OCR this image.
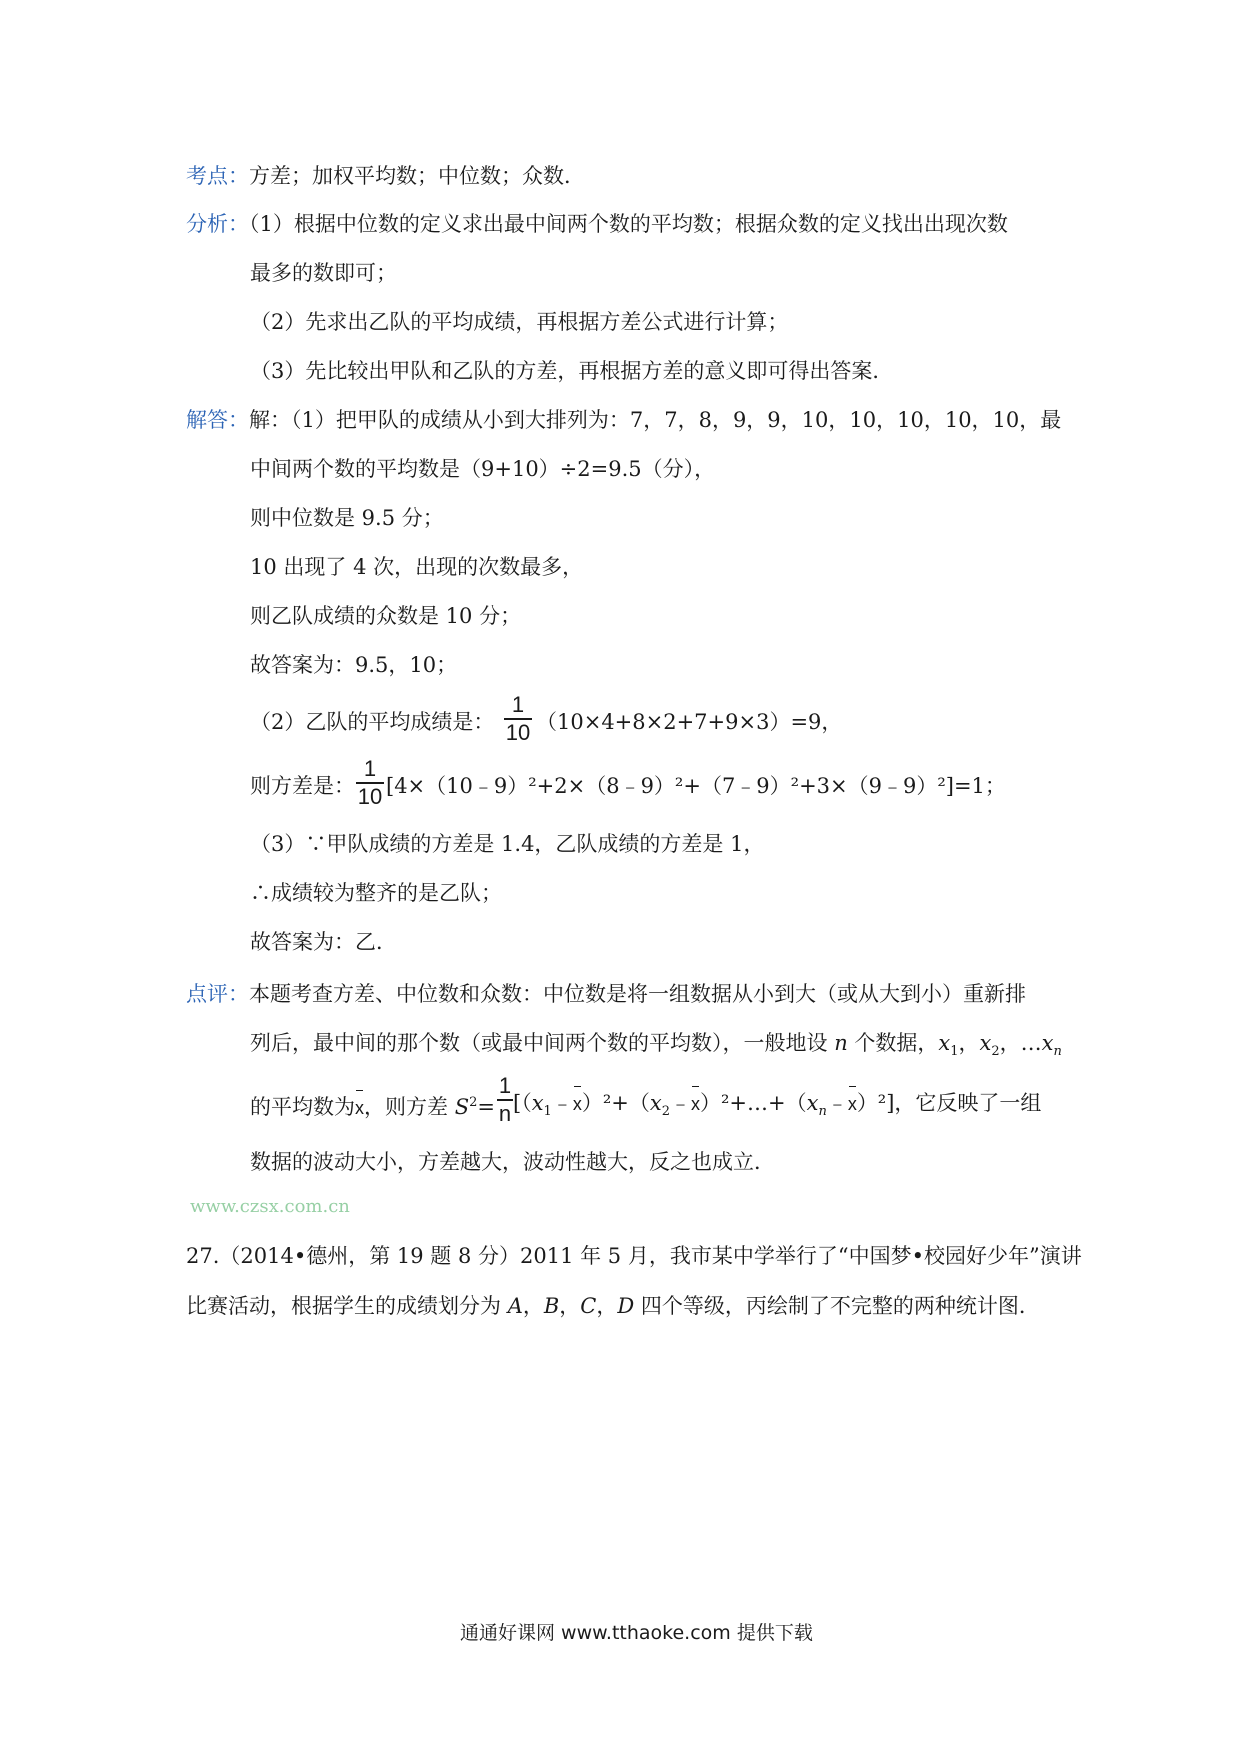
考点：方差；加权平均数；中位数；众数．
分析：（1）根据中位数的定义求出最中间两个数的平均数；根据众数的定义找出出现次数
最多的数即可；
（2）先求出乙队的平均成绩，再根据方差公式进行计算；
（3）先比较出甲队和乙队的方差，再根据方差的意义即可得出答案．
解答：解：（1）把甲队的成绩从小到大排列为：7，7，8，9，9，10，10，10，10，10，最
中间两个数的平均数是（9+10）÷2=9.5（分），
则中位数是 9.5 分；
10 出现了 4 次，出现的次数最多，
则乙队成绩的众数是 10 分；
故答案为：9.5，10；
（2）乙队的平均成绩是：
1
10 （10×4+8×2+7+9×3）=9，
则方差是：
1
10 [4×（10﹣9）²+2×（8﹣9）²+（7﹣9）²+3×（9﹣9）²]=1；
（3）∵甲队成绩的方差是 1.4，乙队成绩的方差是 1，
∴成绩较为整齐的是乙队；
故答案为：乙．
点评：本题考查方差、中位数和众数：中位数是将一组数据从小到大（或从大到小）重新排
列后，最中间的那个数（或最中间两个数的平均数），一般地设 n 个数据，$x_1$，$x_2$，$\dots x_n$
的平均数为x，则方差 $S^2=$
1
n $[(x_1﹣x)^2+(x_2﹣x)^2+\dots+(x_n﹣x)^2]$，它反映了一组
数据的波动大小，方差越大，波动性越大，反之也成立．
www.czsx.com.cn
27.（2014•德州，第 19 题 8 分）2011 年 5 月，我市某中学举行了“中国梦•校园好少年”演讲
比赛活动，根据学生的成绩划分为 A，B，C，D 四个等级，丙绘制了不完整的两种统计图．
通通好课网 www.tthaoke.com 提供下载
